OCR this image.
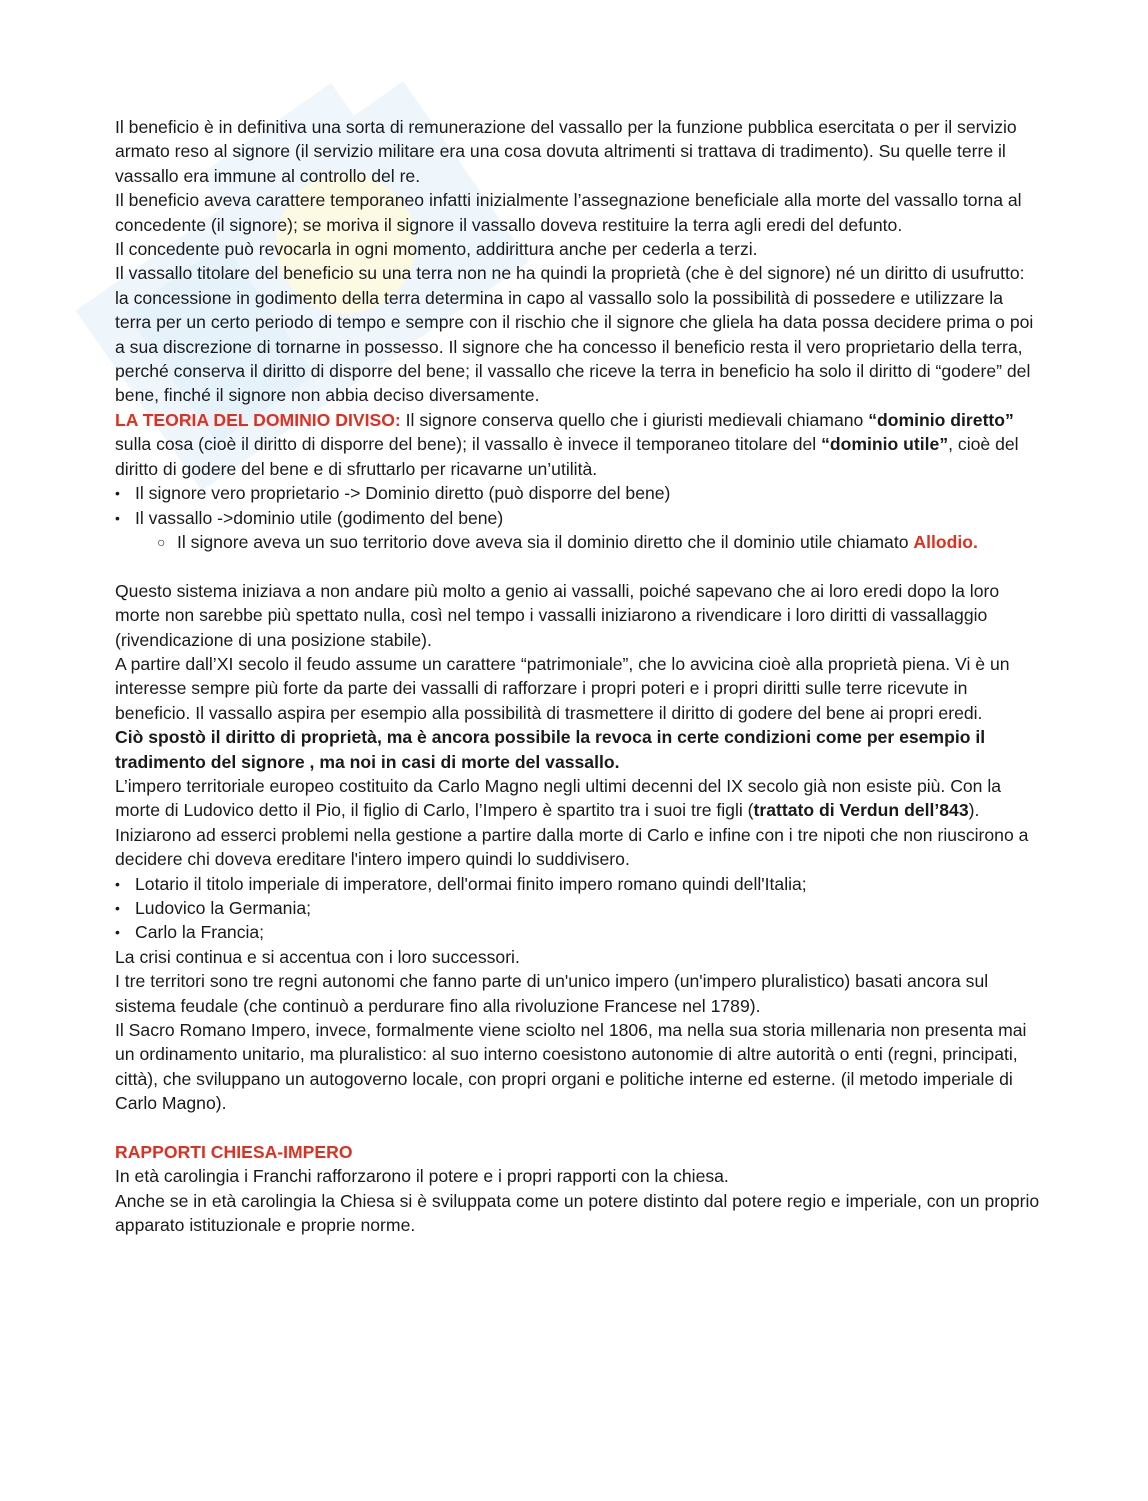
Il beneficio è in definitiva una sorta di remunerazione del vassallo per la funzione pubblica esercitata o per il servizio armato reso al signore (il servizio militare era una cosa dovuta altrimenti si trattava di tradimento). Su quelle terre il vassallo era immune al controllo del re.

Il beneficio aveva carattere temporaneo infatti inizialmente l’assegnazione beneficiale alla morte del vassallo torna al concedente (il signore); se moriva il signore il vassallo doveva restituire la terra agli eredi del defunto.

Il concedente può revocarla in ogni momento, addirittura anche per cederla a terzi.

Il vassallo titolare del beneficio su una terra non ne ha quindi la proprietà (che è del signore) né un diritto di usufrutto: la concessione in godimento della terra determina in capo al vassallo solo la possibilità di possedere e utilizzare la terra per un certo periodo di tempo e sempre con il rischio che il signore che gliela ha data possa decidere prima o poi a sua discrezione di tornarne in possesso. Il signore che ha concesso il beneficio resta il vero proprietario della terra, perché conserva il diritto di disporre del bene; il vassallo che riceve la terra in beneficio ha solo il diritto di “godere” del bene, finché il signore non abbia deciso diversamente.

LA TEORIA DEL DOMINIO DIVISO: Il signore conserva quello che i giuristi medievali chiamano “dominio diretto” sulla cosa (cioè il diritto di disporre del bene); il vassallo è invece il temporaneo titolare del “dominio utile”, cioè del diritto di godere del bene e di sfruttarlo per ricavarne un’utilità.

• Il signore vero proprietario -> Dominio diretto (può disporre del bene)
• Il vassallo ->dominio utile (godimento del bene)
○ Il signore aveva un suo territorio dove aveva sia il dominio diretto che il dominio utile chiamato Allodio.

Questo sistema iniziava a non andare più molto a genio ai vassalli, poiché sapevano che ai loro eredi dopo la loro morte non sarebbe più spettato nulla, così nel tempo i vassalli iniziarono a rivendicare i loro diritti di vassallaggio (rivendicazione di una posizione stabile).

A partire dall’XI secolo il feudo assume un carattere “patrimoniale”, che lo avvicina cioè alla proprietà piena. Vi è un interesse sempre più forte da parte dei vassalli di rafforzare i propri poteri e i propri diritti sulle terre ricevute in beneficio. Il vassallo aspira per esempio alla possibilità di trasmettere il diritto di godere del bene ai propri eredi.

Ciò spostò il diritto di proprietà, ma è ancora possibile la revoca in certe condizioni come per esempio il tradimento del signore , ma noi in casi di morte del vassallo.

L’impero territoriale europeo costituito da Carlo Magno negli ultimi decenni del IX secolo già non esiste più. Con la morte di Ludovico detto il Pio, il figlio di Carlo, l’Impero è spartito tra i suoi tre figli (trattato di Verdun dell’843). Iniziarono ad esserci problemi nella gestione a partire dalla morte di Carlo e infine con i tre nipoti che non riuscirono a decidere chi doveva ereditare l'intero impero quindi lo suddivisero.

• Lotario il titolo imperiale di imperatore, dell'ormai finito impero romano quindi dell'Italia;
• Ludovico la Germania;
• Carlo la Francia;

La crisi continua e si accentua con i loro successori.

I tre territori sono tre regni autonomi che fanno parte di un'unico impero (un'impero pluralistico) basati ancora sul sistema feudale (che continuò a perdurare fino alla rivoluzione Francese nel 1789).

Il Sacro Romano Impero, invece, formalmente viene sciolto nel 1806, ma nella sua storia millenaria non presenta mai un ordinamento unitario, ma pluralistico: al suo interno coesistono autonomie di altre autorità o enti (regni, principati, città), che sviluppano un autogoverno locale, con propri organi e politiche interne ed esterne. (il metodo imperiale di Carlo Magno).

RAPPORTI CHIESA-IMPERO

In età carolingia i Franchi rafforzarono il potere e i propri rapporti con la chiesa.

Anche se in età carolingia la Chiesa si è sviluppata come un potere distinto dal potere regio e imperiale, con un proprio apparato istituzionale e proprie norme.
